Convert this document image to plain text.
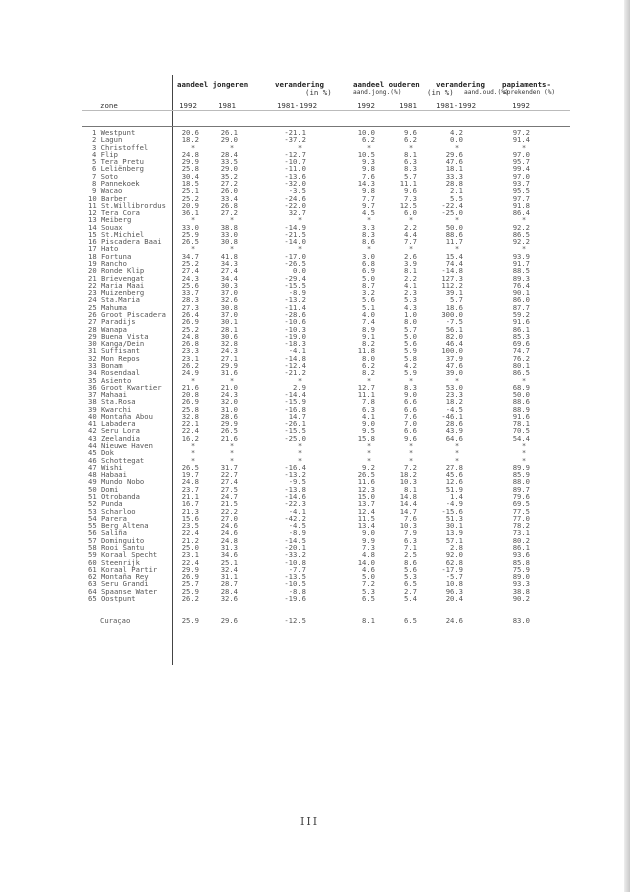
aandeel jongeren	verandering
(in %)
aandeel ouderen
aand.jong.(%)
verandering
(in %) aand.oud.(%)
papiaments-
sprekenden (%)
zone	1992	1981	1981-1992	1992	1981	1981-1992	1992
1 Westpunt	20.6	26.1	-21.1	10.0	9.6	4.2	97.2
2 Lagun	18.2	29.0	-37.2	6.2	6.2	0.0	91.4
3 Christoffel	*	*	*	*	*	*	*
4 Flip	24.8	28.4	-12.7	10.5	8.1	29.6	97.0
5 Tera Pretu	29.9	33.5	-10.7	9.3	6.3	47.6	95.7
6 Leliënberg	25.8	29.0	-11.0	9.8	8.3	18.1	99.4
7 Soto	30.4	35.2	-13.6	7.6	5.7	33.3	97.0
8 Pannekoek	18.5	27.2	-32.0	14.3	11.1	28.8	93.7
9 Wacao	25.1	26.0	-3.5	9.8	9.6	2.1	95.5
10 Barber	25.2	33.4	-24.6	7.7	7.3	5.5	97.7
11 St.Willibrordus 20.9	26.8	-22.0	9.7	12.5	-22.4	91.8
12 Tera Cora	36.1	27.2	32.7	4.5	6.0	-25.0	86.4
13 Meiberg	*	*	*	*	*	*	*
14 Souax	33.0	38.8	-14.9	3.3	2.2	50.0	92.2
15 St.Michiel	25.9	33.0	-21.5	8.3	4.4	88.6	86.5
16 Piscadera Baai	26.5	30.8	-14.0	8.6	7.7	11.7	92.2
17 Hato	*	*	*	*	*	*	*
18 Fortuna	34.7	41.8	-17.0	3.0	2.6	15.4	93.9
19 Rancho	25.2	34.3	-26.5	6.8	3.9	74.4	91.7
20 Ronde Klip	27.4	27.4	0.0	6.9	8.1	-14.8	88.5
21 Brievengat	24.3	34.4	-29.4	5.0	2.2	127.3	89.3
22 Maria Maai	25.6	30.3	-15.5	8.7	4.1	112.2	76.4
23 Muizenberg	33.7	37.0	-8.9	3.2	2.3	39.1	90.1
24 Sta.Maria	28.3	32.6	-13.2	5.6	5.3	5.7	86.0
25 Mahuma	27.3	30.8	-11.4	5.1	4.3	18.6	87.7
26 Groot Piscadera 26.4	37.0	-28.6	4.0	1.0	300.0	59.2
27 Paradijs	26.9	30.1	-10.6	7.4	8.0	-7.5	91.6
28 Wanapa	25.2	28.1	-10.3	8.9	5.7	56.1	86.1
29 Buena Vista	24.8	30.6	-19.0	9.1	5.0	82.0	85.3
30 Kanga/Dein	26.8	32.8	-18.3	8.2	5.6	46.4	69.6
31 Suffisant	23.3	24.3	-4.1	11.8	5.9	100.0	74.7
32 Mon Repos	23.1	27.1	-14.8	8.0	5.8	37.9	76.2
33 Bonam	26.2	29.9	-12.4	6.2	4.2	47.6	80.1
34 Rosendaal	24.9	31.6	-21.2	8.2	5.9	39.0	86.5
35 Asiento	*	*	*	*	*	*	*
36 Groot Kwartier	21.6	21.0	2.9	12.7	8.3	53.0	68.9
37 Mahaai	20.8	24.3	-14.4	11.1	9.0	23.3	50.0
38 Sta.Rosa	26.9	32.0	-15.9	7.8	6.6	18.2	88.6
39 Kwarchi	25.8	31.0	-16.8	6.3	6.6	-4.5	88.9
40 Montaña Abou	32.8	28.6	14.7	4.1	7.6	-46.1	91.6
41 Labadera	22.1	29.9	-26.1	9.0	7.0	28.6	78.1
42 Seru Lora	22.4	26.5	-15.5	9.5	6.6	43.9	70.5
43 Zeelandia	16.2	21.6	-25.0	15.8	9.6	64.6	54.4
44 Nieuwe Haven	*	*	*	*	*	*	*
45 Dok	*	*	*	*	*	*	*
46 Schottegat	*	*	*	*	*	*	*
47 Wishi	26.5	31.7	-16.4	9.2	7.2	27.8	89.9
48 Habaai	19.7	22.7	-13.2	26.5	18.2	45.6	85.9
49 Mundo Nobo	24.8	27.4	-9.5	11.6	10.3	12.6	88.0
50 Domi	23.7	27.5	-13.8	12.3	8.1	51.9	89.7
51 Otrobanda	21.1	24.7	-14.6	15.0	14.8	1.4	79.6
52 Punda	16.7	21.5	-22.3	13.7	14.4	-4.9	69.5
53 Scharloo	21.3	22.2	-4.1	12.4	14.7	-15.6	77.5
54 Parera	15.6	27.0	-42.2	11.5	7.6	51.3	77.0
55 Berg Altena	23.5	24.6	-4.5	13.4	10.3	30.1	78.2
56 Saliña	22.4	24.6	-8.9	9.0	7.9	13.9	73.1
57 Dominguito	21.2	24.8	-14.5	9.9	6.3	57.1	80.2
58 Rooi Santu	25.0	31.3	-20.1	7.3	7.1	2.8	86.1
59 Koraal Specht	23.1	34.6	-33.2	4.8	2.5	92.0	93.6
60 Steenrijk	22.4	25.1	-10.8	14.0	8.6	62.8	85.8
61 Koraal Partir	29.9	32.4	-7.7	4.6	5.6	-17.9	75.9
62 Montaña Rey	26.9	31.1	-13.5	5.0	5.3	-5.7	89.0
63 Seru Grandi	25.7	28.7	-10.5	7.2	6.5	10.8	93.3
64 Spaanse Water	25.9	28.4	-8.8	5.3	2.7	96.3	38.8
65 Oostpunt	26.2	32.6	-19.6	6.5	5.4	20.4	90.2
Curaçao	25.9	29.6	-12.5	8.1	6.5	24.6	83.0
III
